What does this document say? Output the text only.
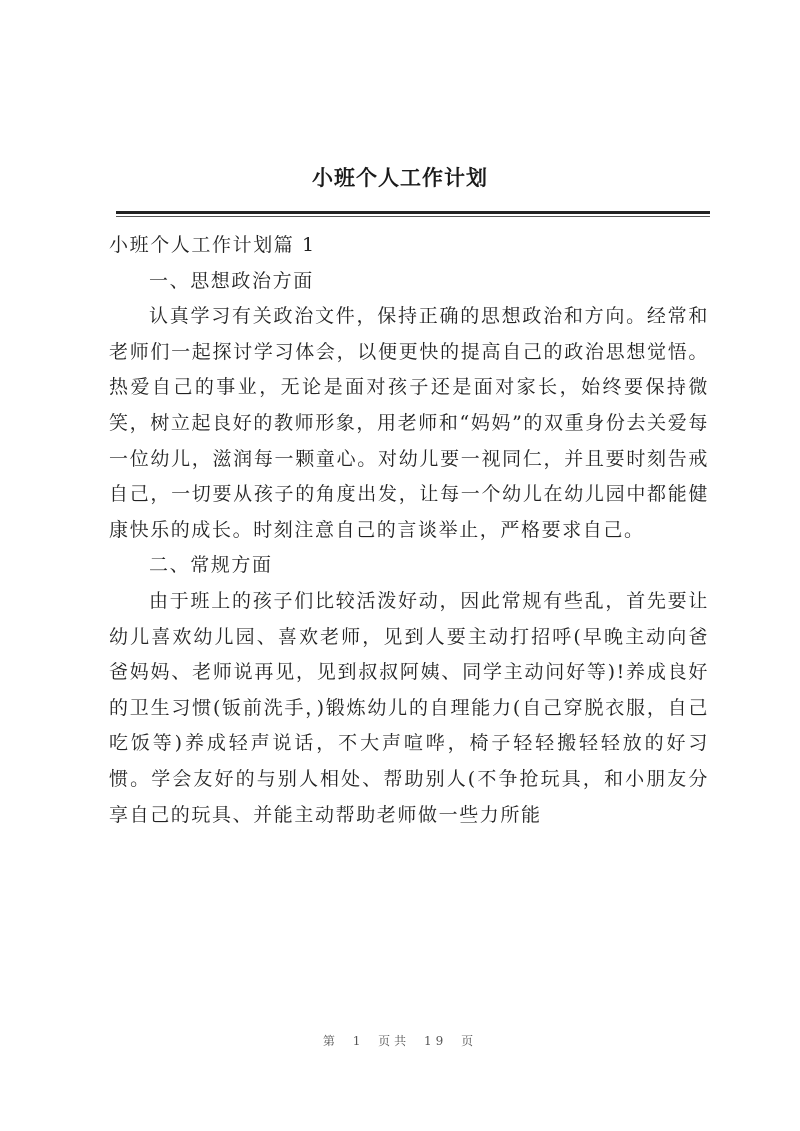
小班个人工作计划

小班个人工作计划篇 1

一、思想政治方面

认真学习有关政治文件，保持正确的思想政治和方向。经常和老师们一起探讨学习体会，以便更快的提高自己的政治思想觉悟。热爱自己的事业，无论是面对孩子还是面对家长，始终要保持微笑，树立起良好的教师形象，用老师和“妈妈”的双重身份去关爱每一位幼儿，滋润每一颗童心。对幼儿要一视同仁，并且要时刻告戒自己，一切要从孩子的角度出发，让每一个幼儿在幼儿园中都能健康快乐的成长。时刻注意自己的言谈举止，严格要求自己。

二、常规方面

由于班上的孩子们比较活泼好动，因此常规有些乱，首先要让幼儿喜欢幼儿园、喜欢老师，见到人要主动打招呼(早晚主动向爸爸妈妈、老师说再见，见到叔叔阿姨、同学主动问好等)!养成良好的卫生习惯(钣前洗手，)锻炼幼儿的自理能力(自己穿脱衣服，自己吃饭等)养成轻声说话，不大声喧哗，椅子轻轻搬轻轻放的好习惯。学会友好的与别人相处、帮助别人(不争抢玩具，和小朋友分享自己的玩具、并能主动帮助老师做一些力所能

第 1 页共 19 页
